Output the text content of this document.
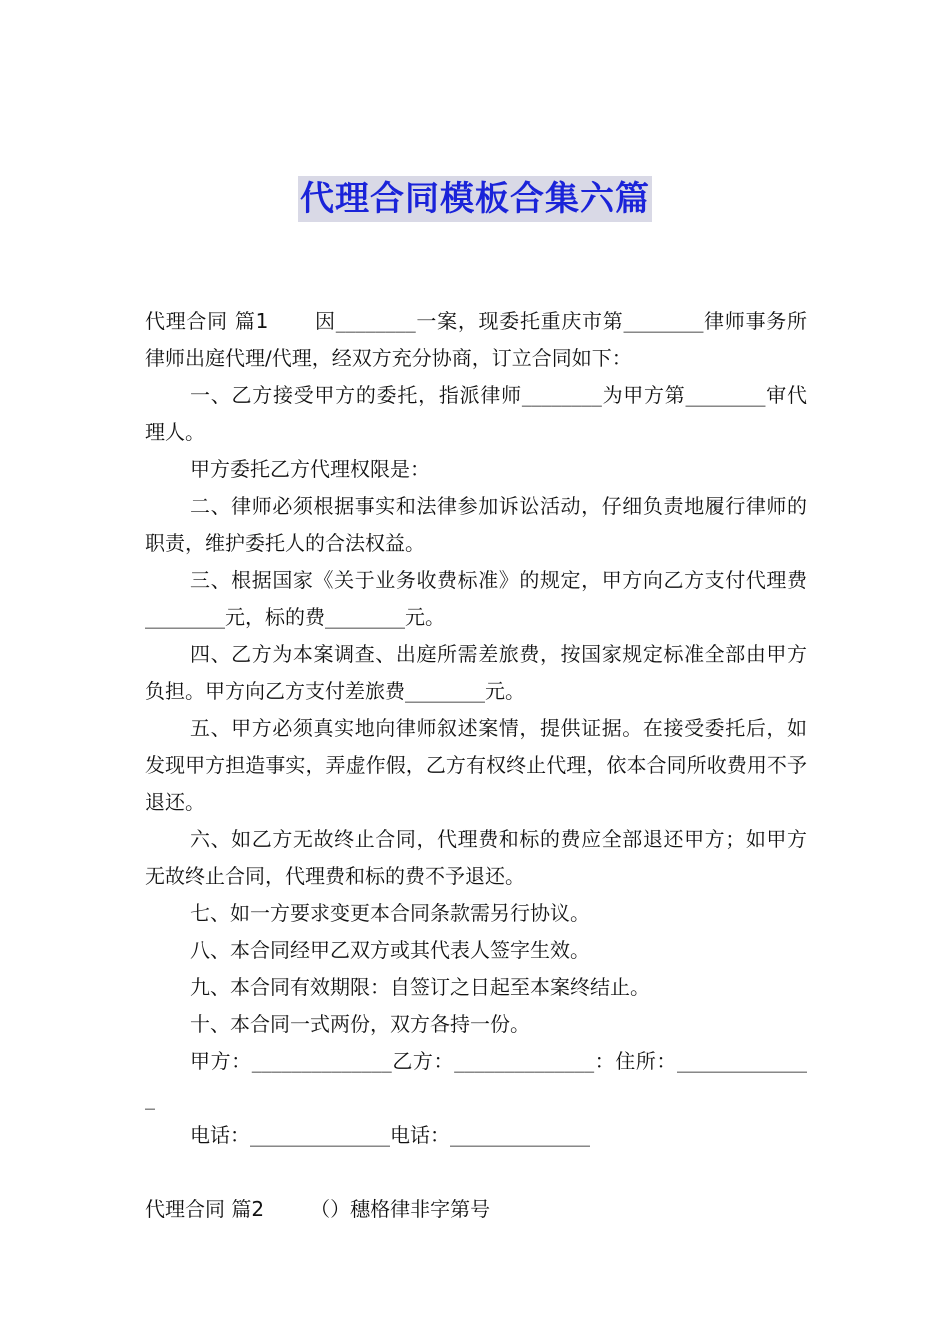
代理合同模板合集六篇

代理合同 篇1 因________一案，现委托重庆市第________律师事务所律师出庭代理/代理，经双方充分协商，订立合同如下：

一、乙方接受甲方的委托，指派律师________为甲方第________审代理人。

甲方委托乙方代理权限是：

二、律师必须根据事实和法律参加诉讼活动，仔细负责地履行律师的职责，维护委托人的合法权益。

三、根据国家《关于业务收费标准》的规定，甲方向乙方支付代理费________元，标的费________元。

四、乙方为本案调查、出庭所需差旅费，按国家规定标准全部由甲方负担。甲方向乙方支付差旅费________元。

五、甲方必须真实地向律师叙述案情，提供证据。在接受委托后，如发现甲方担造事实，弄虚作假，乙方有权终止代理，依本合同所收费用不予退还。

六、如乙方无故终止合同，代理费和标的费应全部退还甲方；如甲方无故终止合同，代理费和标的费不予退还。

七、如一方要求变更本合同条款需另行协议。

八、本合同经甲乙双方或其代表人签字生效。

九、本合同有效期限：自签订之日起至本案终结止。

十、本合同一式两份，双方各持一份。

甲方：______________乙方：______________：住所：______________

电话：______________电话：______________

代理合同 篇2 （）穗格律非字第号
